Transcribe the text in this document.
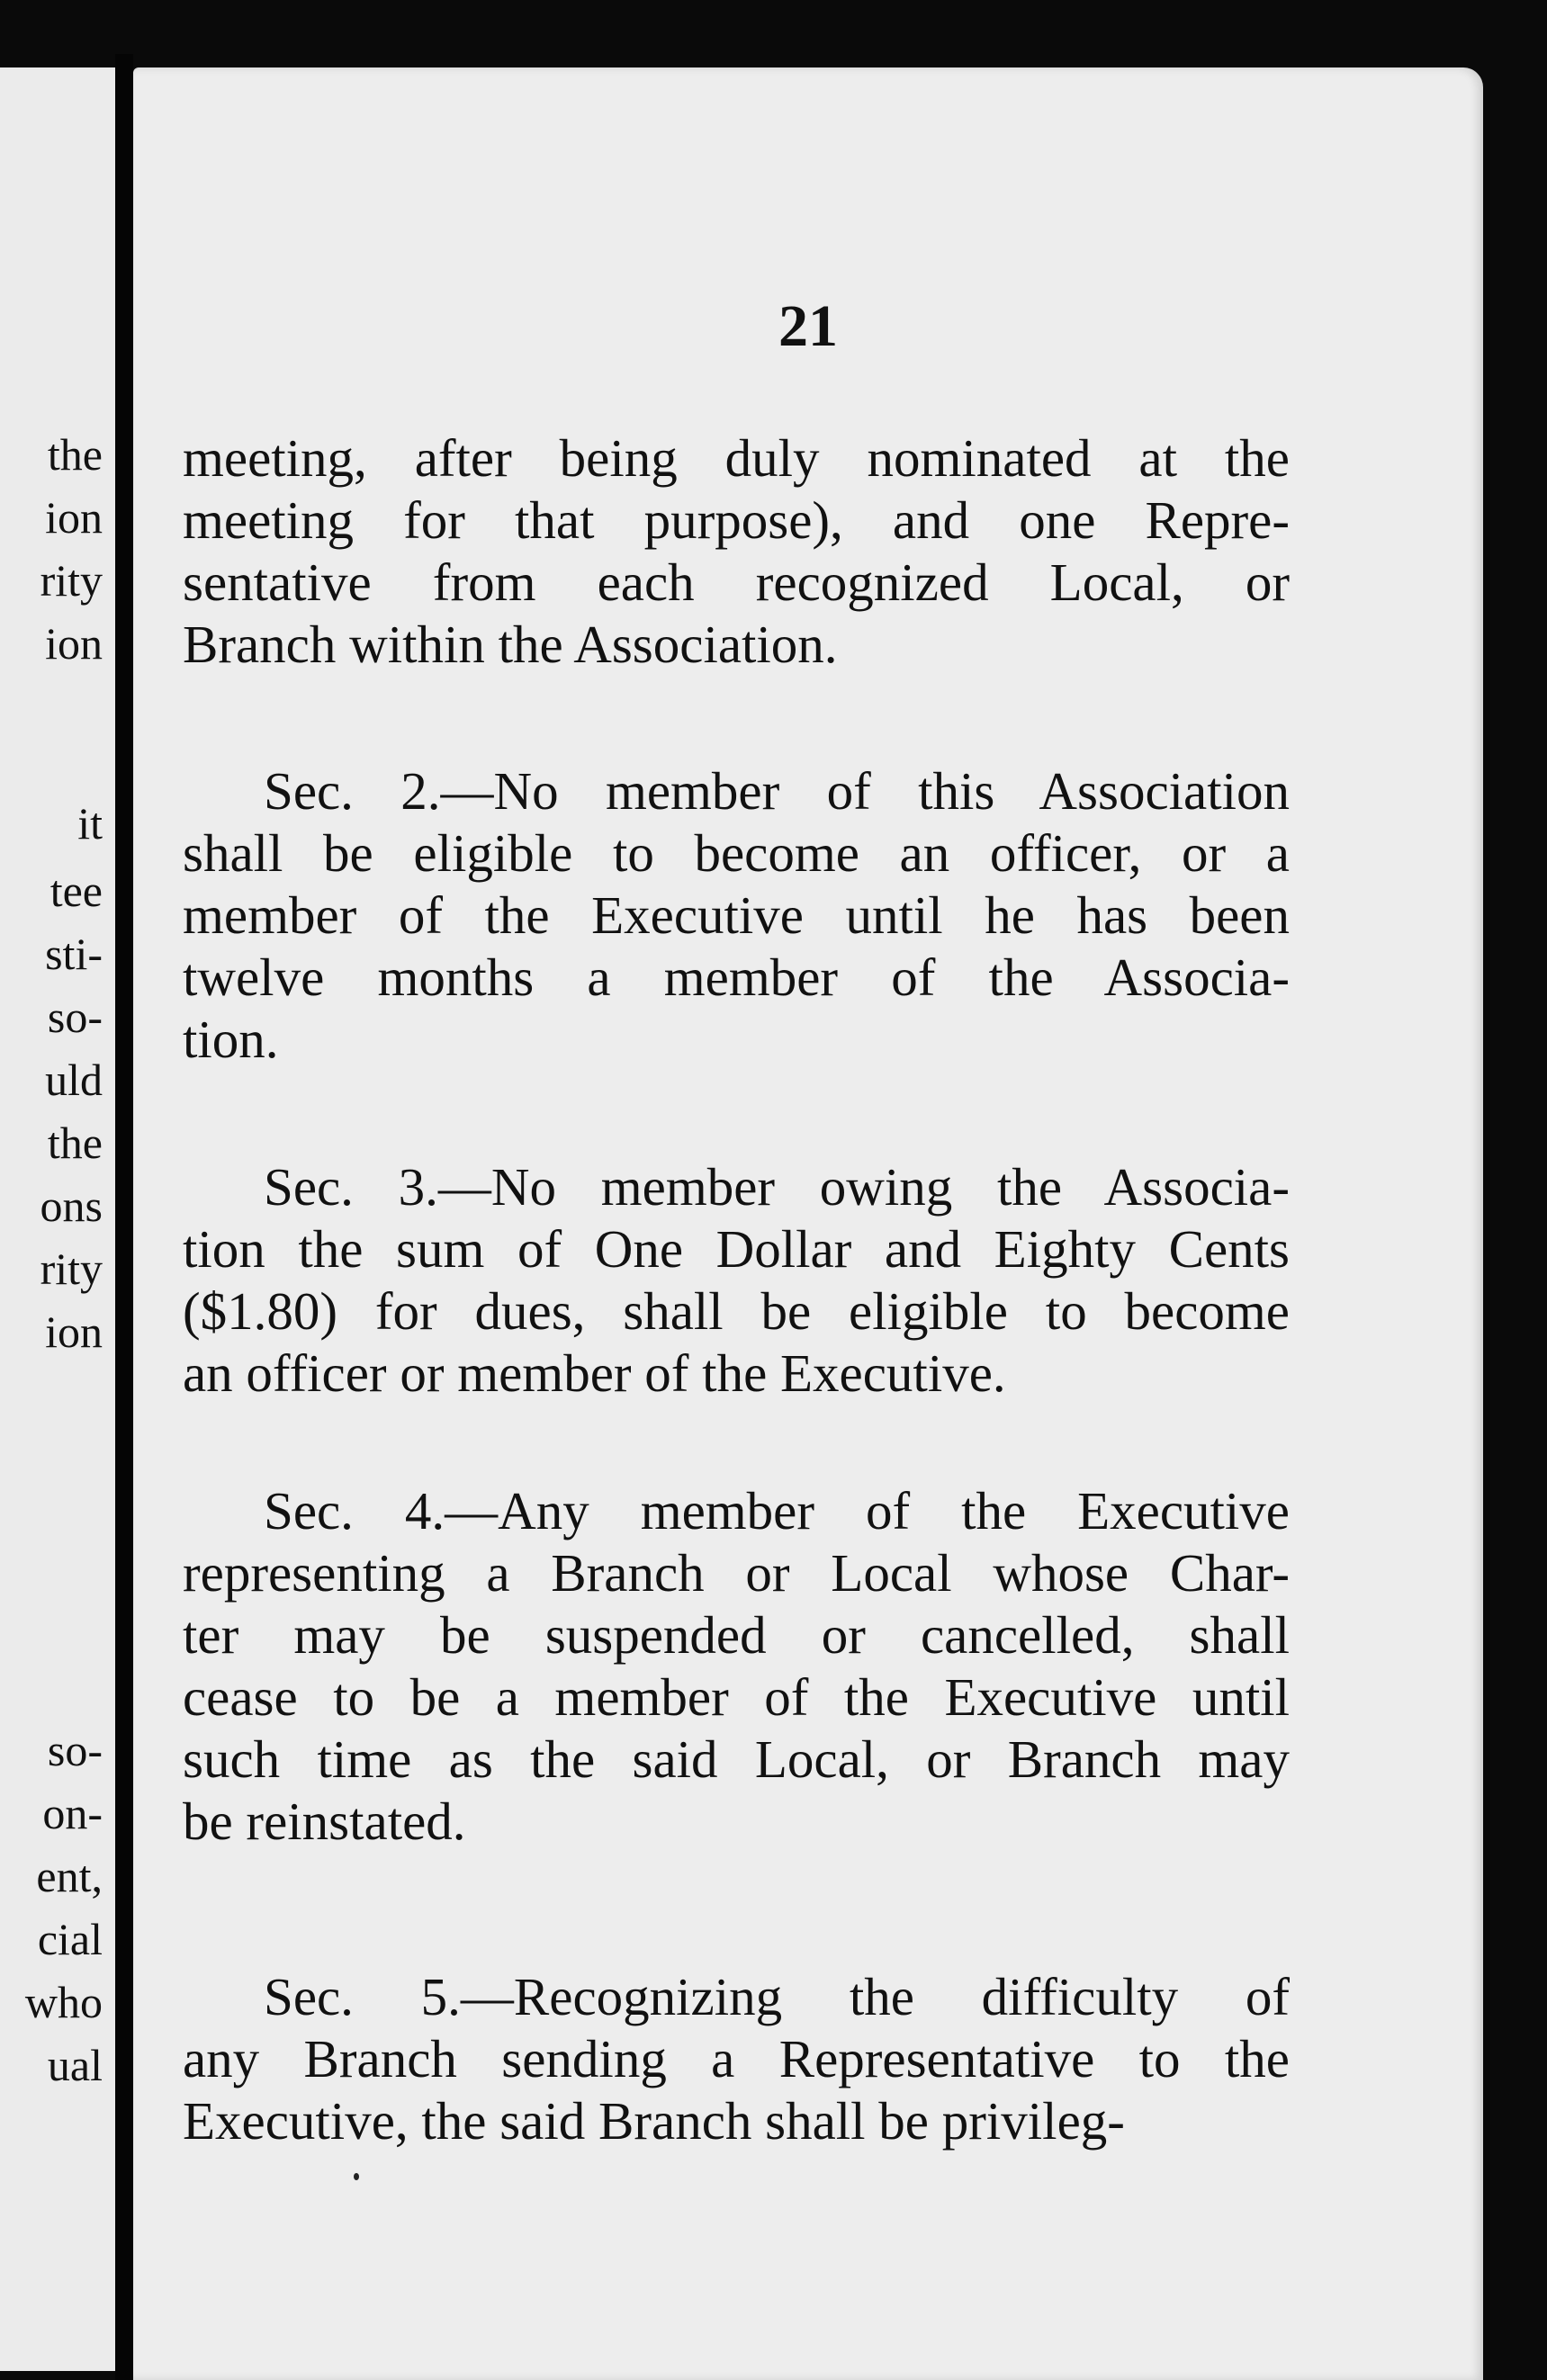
the
ion
rity
ion
it
tee
sti-
so-
uld
the
ons
rity
ion
so-
on-
ent,
cial
who
ual
21

meeting, after being duly nominated at the
meeting for that purpose), and one Repre-
sentative from each recognized Local, or
Branch within the Association.

Sec. 2.—No member of this Association
shall be eligible to become an officer, or a
member of the Executive until he has been
twelve months a member of the Associa-
tion.

Sec. 3.—No member owing the Associa-
tion the sum of One Dollar and Eighty Cents
($1.80) for dues, shall be eligible to become
an officer or member of the Executive.

Sec. 4.—Any member of the Executive
representing a Branch or Local whose Char-
ter may be suspended or cancelled, shall
cease to be a member of the Executive until
such time as the said Local, or Branch may
be reinstated.

Sec. 5.—Recognizing the difficulty of
any Branch sending a Representative to the
Executive, the said Branch shall be privileg-
